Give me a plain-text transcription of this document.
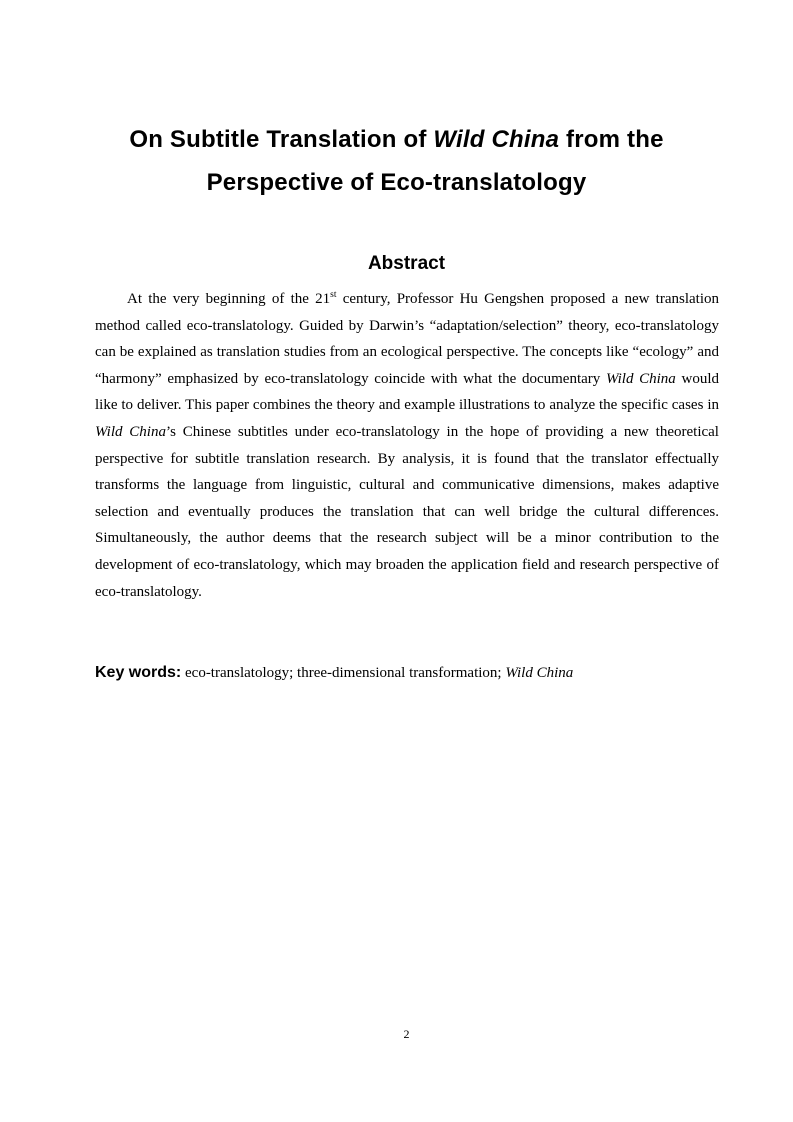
On Subtitle Translation of Wild China from the
Perspective of Eco-translatology
Abstract

At the very beginning of the 21st century, Professor Hu Gengshen proposed a new translation method called eco-translatology. Guided by Darwin’s “adaptation/selection” theory, eco-translatology can be explained as translation studies from an ecological perspective. The concepts like “ecology” and “harmony” emphasized by eco-translatology coincide with what the documentary Wild China would like to deliver. This paper combines the theory and example illustrations to analyze the specific cases in Wild China’s Chinese subtitles under eco-translatology in the hope of providing a new theoretical perspective for subtitle translation research. By analysis, it is found that the translator effectually transforms the language from linguistic, cultural and communicative dimensions, makes adaptive selection and eventually produces the translation that can well bridge the cultural differences. Simultaneously, the author deems that the research subject will be a minor contribution to the development of eco-translatology, which may broaden the application field and research perspective of eco-translatology.

Key words: eco-translatology; three-dimensional transformation; Wild China

2
